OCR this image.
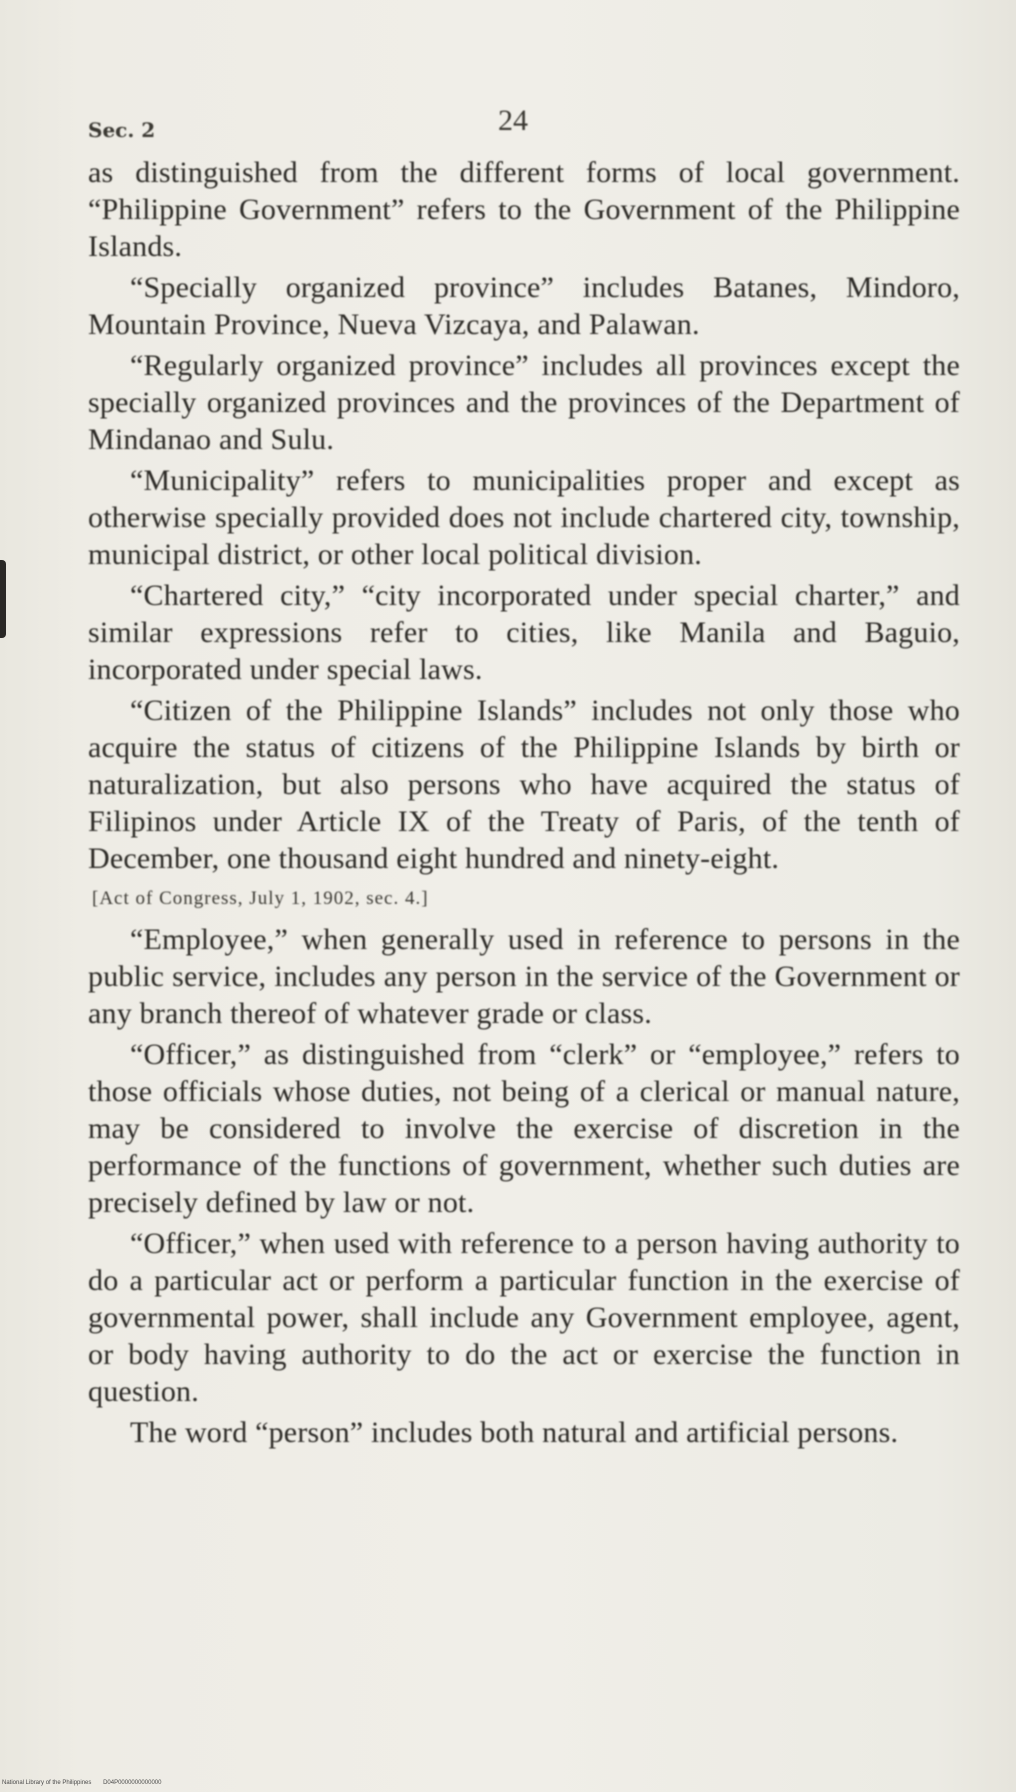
Sec. 2	24

as distinguished from the different forms of local government. “Philippine Government” refers to the Government of the Philippine Islands.

“Specially organized province” includes Batanes, Mindoro, Mountain Province, Nueva Vizcaya, and Palawan.

“Regularly organized province” includes all provinces except the specially organized provinces and the provinces of the Department of Mindanao and Sulu.

“Municipality” refers to municipalities proper and except as otherwise specially provided does not include chartered city, township, municipal district, or other local political division.

“Chartered city,” “city incorporated under special charter,” and similar expressions refer to cities, like Manila and Baguio, incorporated under special laws.

“Citizen of the Philippine Islands” includes not only those who acquire the status of citizens of the Philippine Islands by birth or naturalization, but also persons who have acquired the status of Filipinos under Article IX of the Treaty of Paris, of the tenth of December, one thousand eight hundred and ninety-eight.

[Act of Congress, July 1, 1902, sec. 4.]

“Employee,” when generally used in reference to persons in the public service, includes any person in the service of the Government or any branch thereof of whatever grade or class.

“Officer,” as distinguished from “clerk” or “employee,” refers to those officials whose duties, not being of a clerical or manual nature, may be considered to involve the exercise of discretion in the performance of the functions of government, whether such duties are precisely defined by law or not.

“Officer,” when used with reference to a person having authority to do a particular act or perform a particular function in the exercise of governmental power, shall include any Government employee, agent, or body having authority to do the act or exercise the function in question.

The word “person” includes both natural and artificial persons.

National Library of the Philippines D04P0000000000000
